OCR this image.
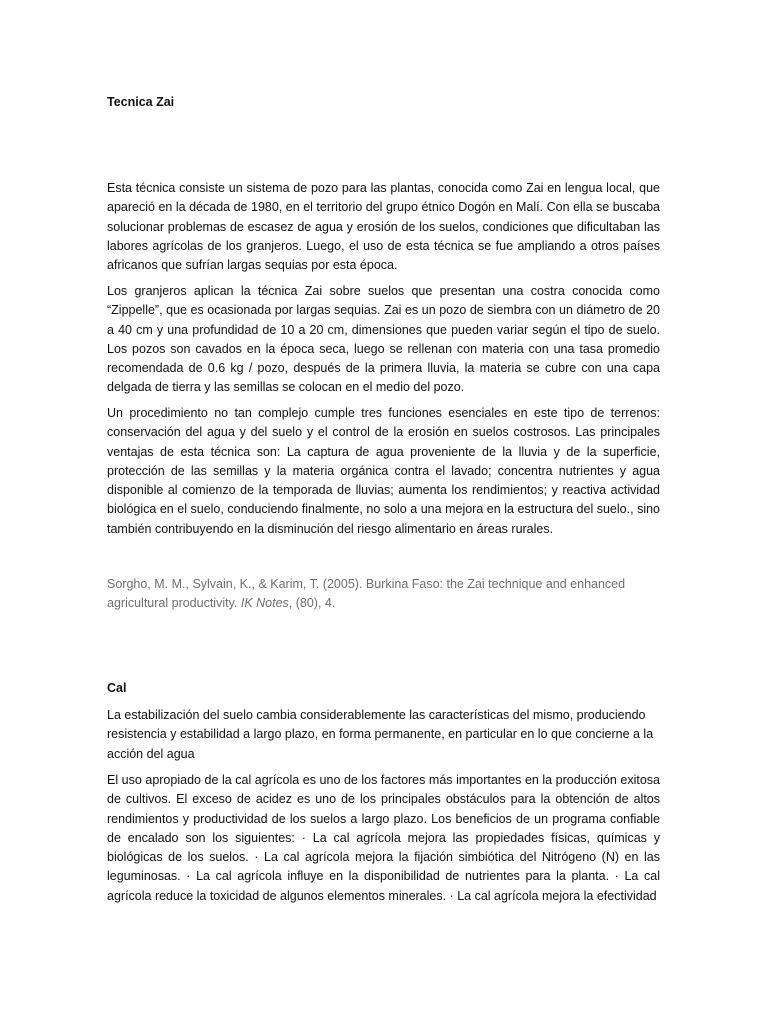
Tecnica Zai

Esta técnica consiste un sistema de pozo para las plantas, conocida como Zai en lengua local, que apareció en la década de 1980, en el territorio del grupo étnico Dogón en Malí. Con ella se buscaba solucionar problemas de escasez de agua y erosión de los suelos, condiciones que dificultaban las labores agrícolas de los granjeros. Luego, el uso de esta técnica se fue ampliando a otros países africanos que sufrían largas sequias por esta época.

Los granjeros aplican la técnica Zai sobre suelos que presentan una costra conocida como “Zippelle”, que es ocasionada por largas sequias. Zai es un pozo de siembra con un diámetro de 20 a 40 cm y una profundidad de 10 a 20 cm, dimensiones que pueden variar según el tipo de suelo. Los pozos son cavados en la época seca, luego se rellenan con materia con una tasa promedio recomendada de 0.6 kg / pozo, después de la primera lluvia, la materia se cubre con una capa delgada de tierra y las semillas se colocan en el medio del pozo.

Un procedimiento no tan complejo cumple tres funciones esenciales en este tipo de terrenos: conservación del agua y del suelo y el control de la erosión en suelos costrosos. Las principales ventajas de esta técnica son: La captura de agua proveniente de la lluvia y de la superficie, protección de las semillas y la materia orgánica contra el lavado; concentra nutrientes y agua disponible al comienzo de la temporada de lluvias; aumenta los rendimientos; y reactiva actividad biológica en el suelo, conduciendo finalmente, no solo a una mejora en la estructura del suelo., sino también contribuyendo en la disminución del riesgo alimentario en áreas rurales.

Sorgho, M. M., Sylvain, K., & Karim, T. (2005). Burkina Faso: the Zai technique and enhanced agricultural productivity. IK Notes, (80), 4.

Cal

La estabilización del suelo cambia considerablemente las características del mismo, produciendo resistencia y estabilidad a largo plazo, en forma permanente, en particular en lo que concierne a la acción del agua

El uso apropiado de la cal agrícola es uno de los factores más importantes en la producción exitosa de cultivos. El exceso de acidez es uno de los principales obstáculos para la obtención de altos rendimientos y productividad de los suelos a largo plazo. Los beneficios de un programa confiable de encalado son los siguientes: · La cal agrícola mejora las propiedades físicas, químicas y biológicas de los suelos. · La cal agrícola mejora la fijación simbiótica del Nitrógeno (N) en las leguminosas. · La cal agrícola influye en la disponibilidad de nutrientes para la planta. · La cal agrícola reduce la toxicidad de algunos elementos minerales. · La cal agrícola mejora la efectividad
